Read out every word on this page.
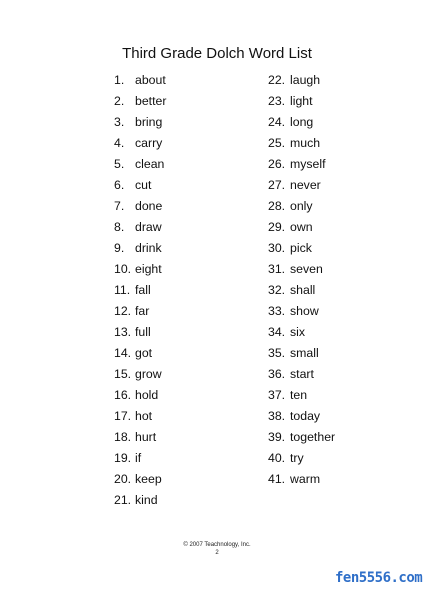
Third Grade Dolch Word List
1. about
2. better
3. bring
4. carry
5. clean
6. cut
7. done
8. draw
9. drink
10. eight
11. fall
12. far
13. full
14. got
15. grow
16. hold
17. hot
18. hurt
19. if
20. keep
21. kind
22. laugh
23. light
24. long
25. much
26. myself
27. never
28. only
29. own
30. pick
31. seven
32. shall
33. show
34. six
35. small
36. start
37. ten
38. today
39. together
40. try
41. warm
© 2007 Teachnology, Inc.
2
fen5556.com
